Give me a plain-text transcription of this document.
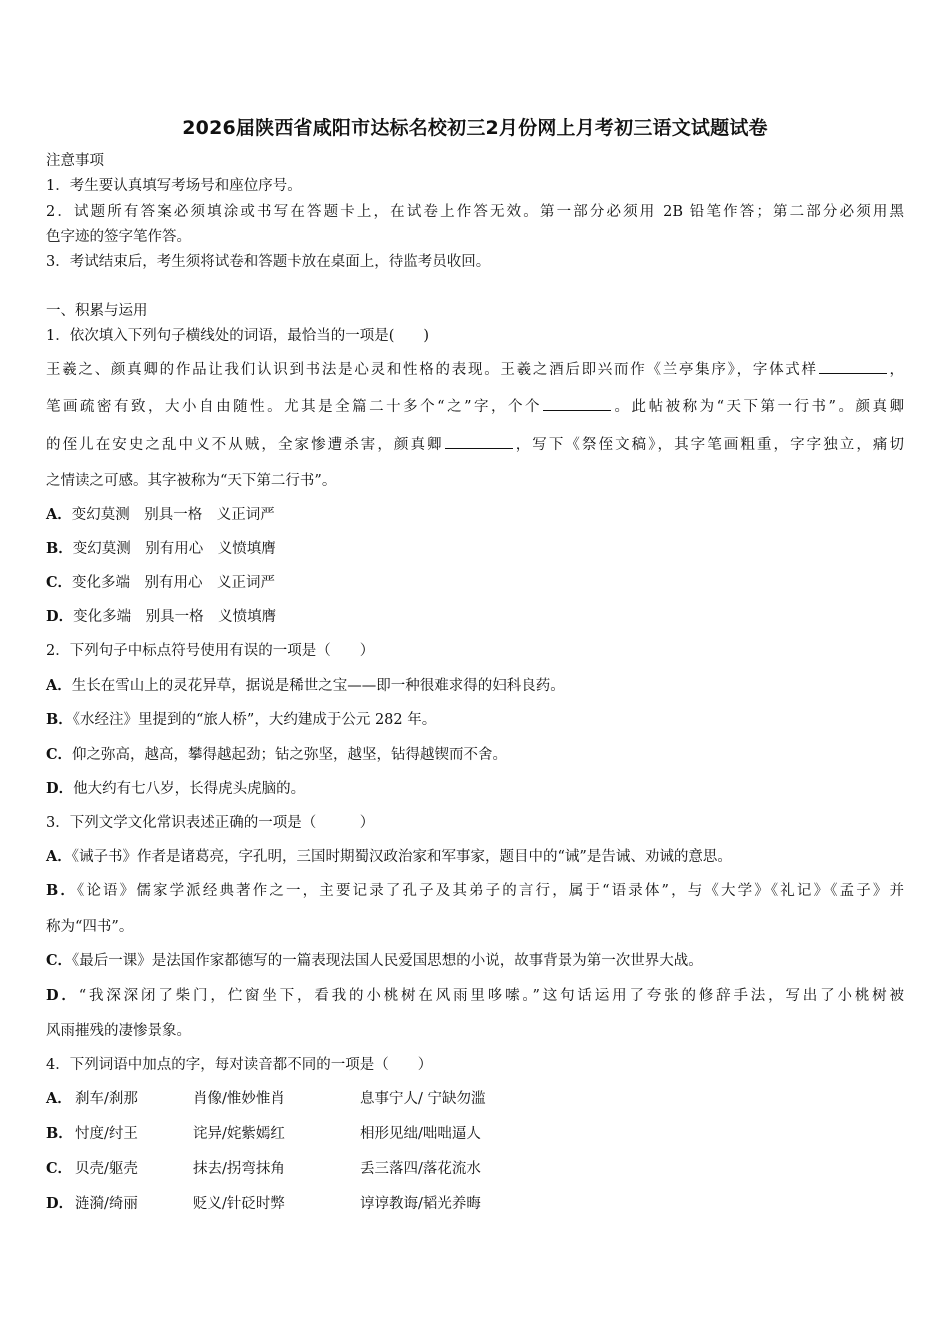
2026届陕西省咸阳市达标名校初三2月份网上月考初三语文试题试卷
注意事项
1．考生要认真填写考场号和座位序号。
2．试题所有答案必须填涂或书写在答题卡上，在试卷上作答无效。第一部分必须用 2B 铅笔作答；第二部分必须用黑
色字迹的签字笔作答。
3．考试结束后，考生须将试卷和答题卡放在桌面上，待监考员收回。
一、积累与运用
1．依次填入下列句子横线处的词语，最恰当的一项是(　　)
王羲之、颜真卿的作品让我们认识到书法是心灵和性格的表现。王羲之酒后即兴而作《兰亭集序》，字体式样	，
笔画疏密有致，大小自由随性。尤其是全篇二十多个“之”字，个个	。此帖被称为“天下第一行书”。颜真卿
的侄儿在安史之乱中义不从贼，全家惨遭杀害，颜真卿	，写下《祭侄文稿》，其字笔画粗重，字字独立，痛切
之情读之可感。其字被称为“天下第二行书”。
A．变幻莫测　别具一格　义正词严
B．变幻莫测　别有用心　义愤填膺
C．变化多端　别有用心　义正词严
D．变化多端　别具一格　义愤填膺
2．下列句子中标点符号使用有误的一项是（　　）
A．生长在雪山上的灵花异草，据说是稀世之宝——即一种很难求得的妇科良药。
B．《水经注》里提到的“旅人桥”，大约建成于公元 282 年。
C．仰之弥高，越高，攀得越起劲；钻之弥坚，越坚，钻得越锲而不舍。
D．他大约有七八岁，长得虎头虎脑的。
3．下列文学文化常识表述正确的一项是（　　　）
A．《诫子书》作者是诸葛亮，字孔明，三国时期蜀汉政治家和军事家，题目中的“诫”是告诫、劝诫的意思。
B．《论语》儒家学派经典著作之一，主要记录了孔子及其弟子的言行，属于“语录体”，与《大学》《礼记》《孟子》并
称为“四书”。
C．《最后一课》是法国作家都德写的一篇表现法国人民爱国思想的小说，故事背景为第一次世界大战。
D．“我深深闭了柴门，伫窗坐下，看我的小桃树在风雨里哆嗦。”这句话运用了夸张的修辞手法，写出了小桃树被
风雨摧残的凄惨景象。
4．下列词语中加点的字，每对读音都不同的一项是（　　）
A． 刹车/刹那	肖像/惟妙惟肖	息事宁人/ 宁缺勿滥
B． 忖度/纣王	诧异/姹紫嫣红	相形见绌/咄咄逼人
C． 贝壳/躯壳	抹去/拐弯抹角	丢三落四/落花流水
D． 涟漪/绮丽	贬义/针砭时弊	谆谆教诲/韬光养晦
